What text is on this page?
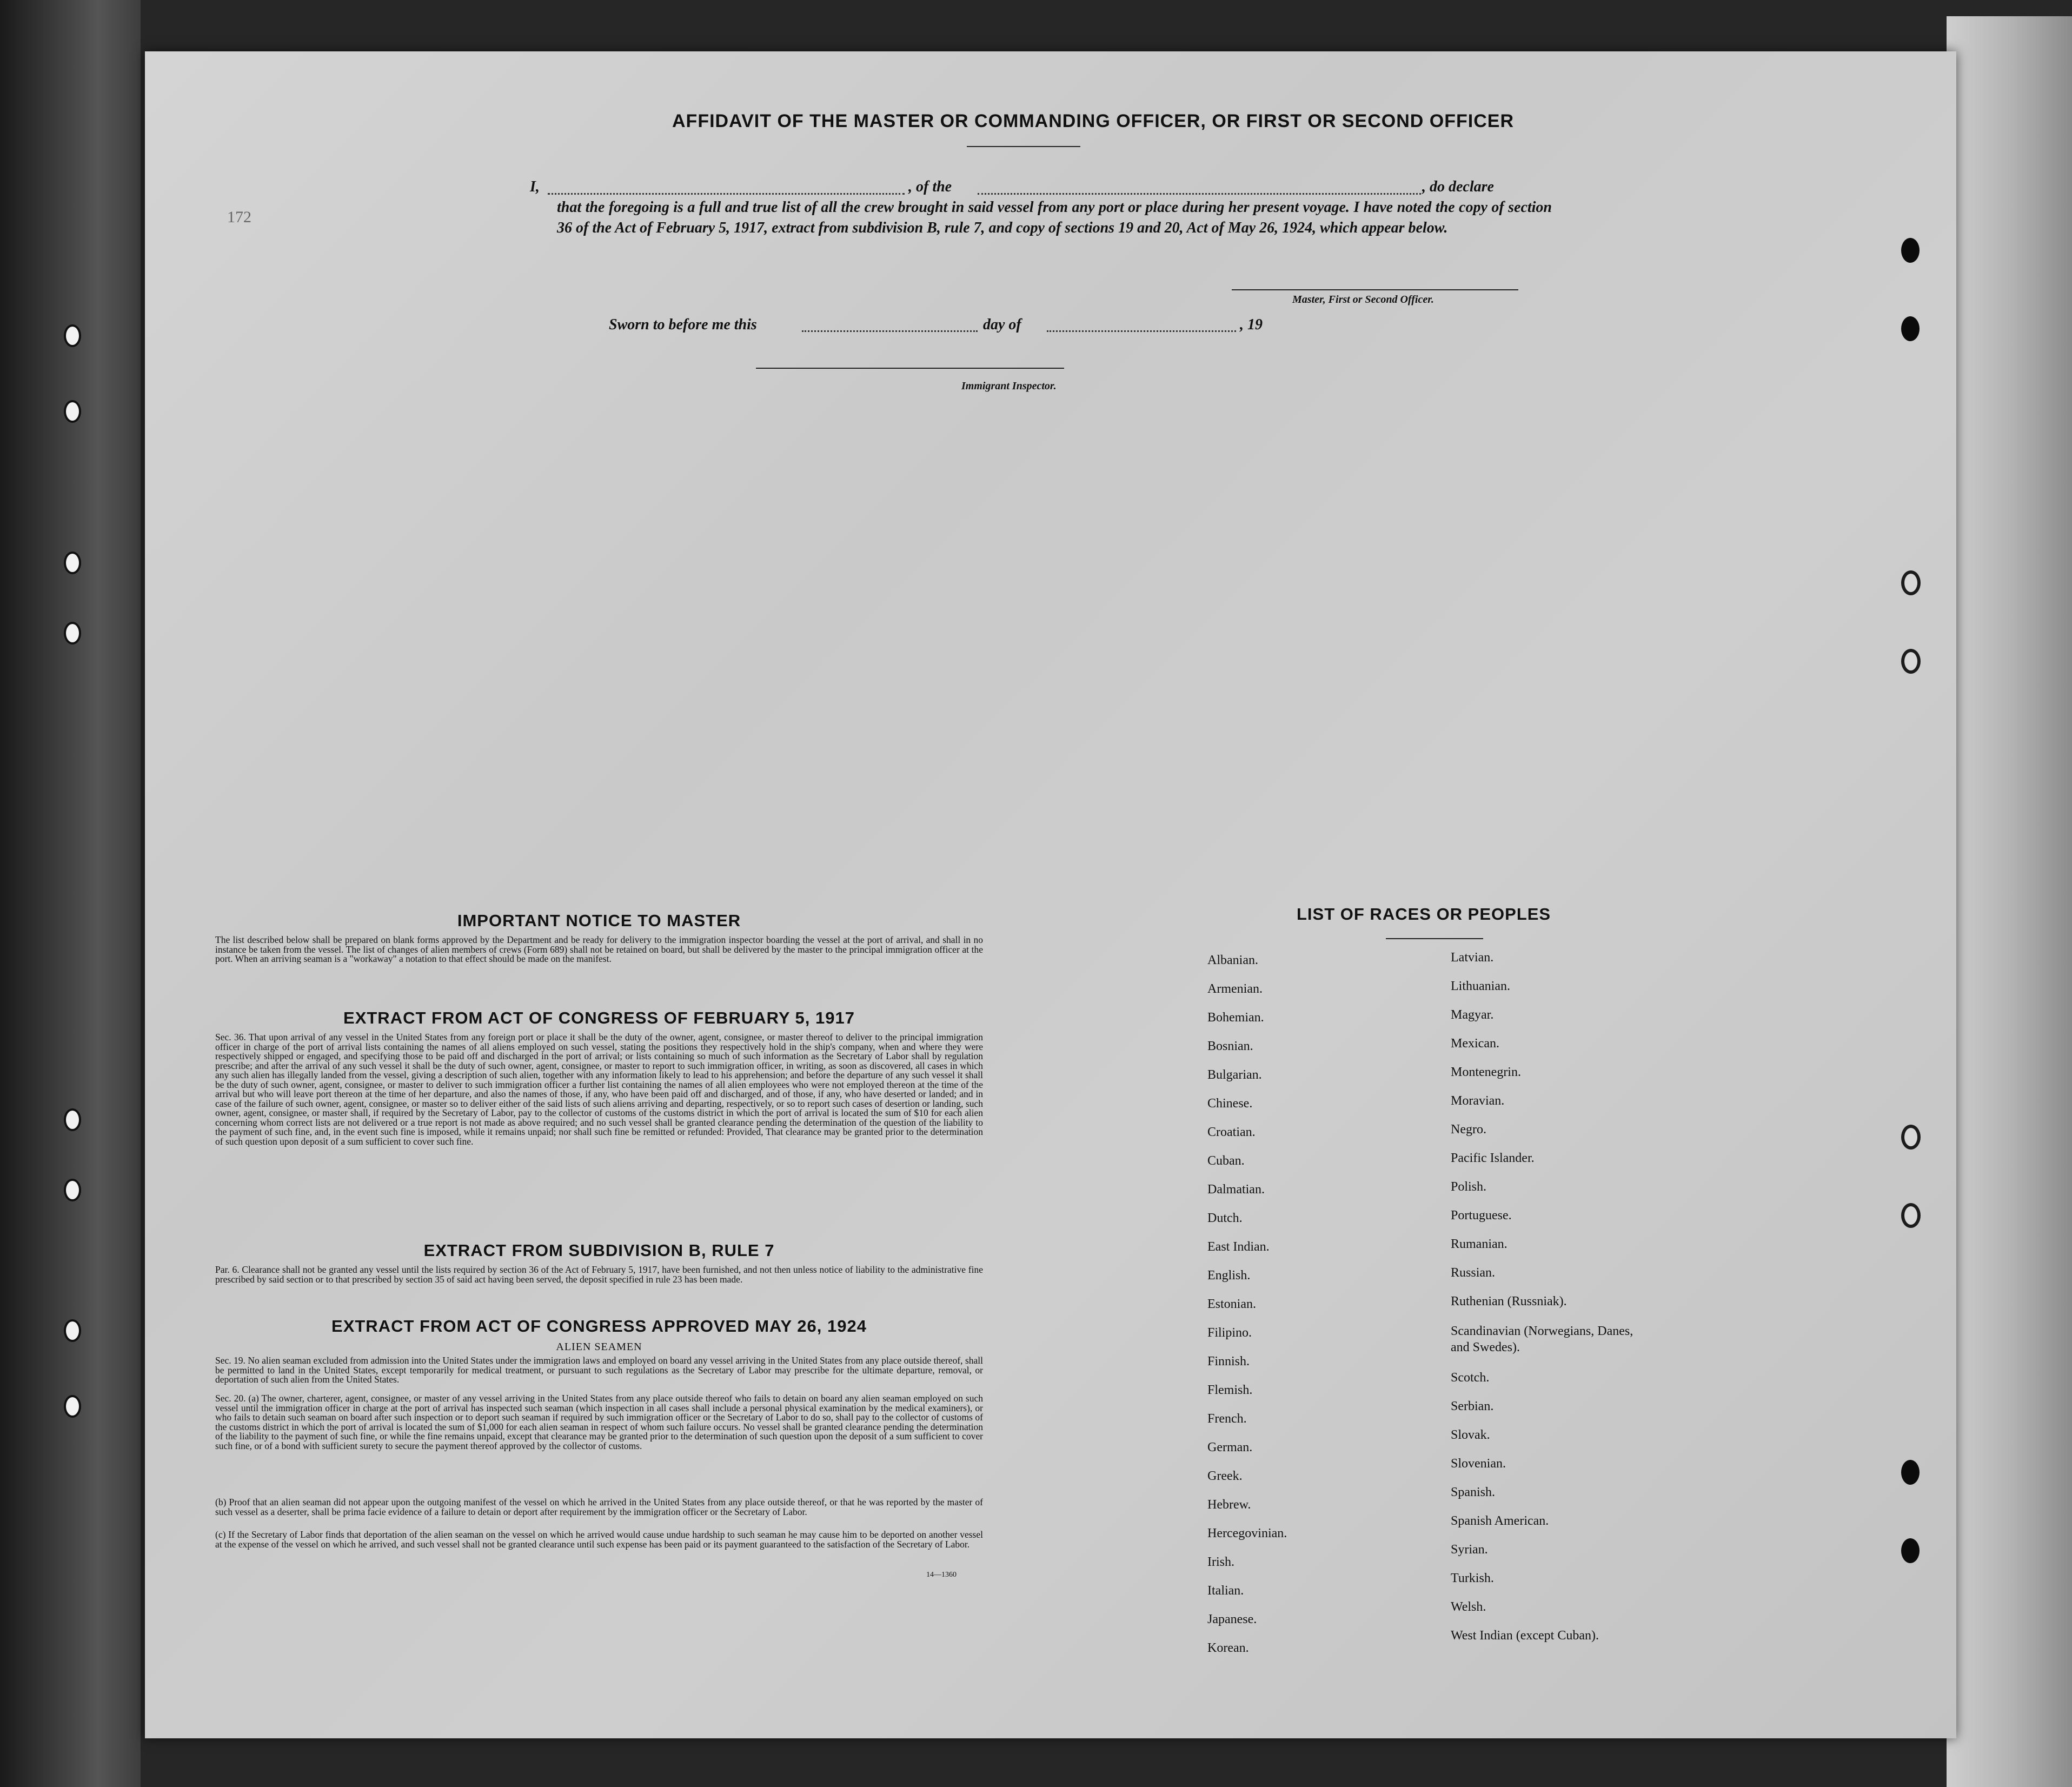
AFFIDAVIT OF THE MASTER OR COMMANDING OFFICER, OR FIRST OR SECOND OFFICER
172
I,	, of the	, do declare
that the foregoing is a full and true list of all the crew brought in said vessel from any port or place during her present voyage. I have noted the copy of section 36 of the Act of February 5, 1917, extract from subdivision B, rule 7, and copy of sections 19 and 20, Act of May 26, 1924, which appear below.
Master, First or Second Officer.
Sworn to before me this	day of	, 19
Immigrant Inspector.
IMPORTANT NOTICE TO MASTER
The list described below shall be prepared on blank forms approved by the Department and be ready for delivery to the immigration inspector boarding the vessel at the port of arrival, and shall in no instance be taken from the vessel. The list of changes of alien members of crews (Form 689) shall not be retained on board, but shall be delivered by the master to the principal immigration officer at the port. When an arriving seaman is a "workaway" a notation to that effect should be made on the manifest.
EXTRACT FROM ACT OF CONGRESS OF FEBRUARY 5, 1917
Sec. 36. That upon arrival of any vessel in the United States from any foreign port or place it shall be the duty of the owner, agent, consignee, or master thereof to deliver to the principal immigration officer in charge of the port of arrival lists containing the names of all aliens employed on such vessel, stating the positions they respectively hold in the ship's company, when and where they were respectively shipped or engaged, and specifying those to be paid off and discharged in the port of arrival; or lists containing so much of such information as the Secretary of Labor shall by regulation prescribe; and after the arrival of any such vessel it shall be the duty of such owner, agent, consignee, or master to report to such immigration officer, in writing, as soon as discovered, all cases in which any such alien has illegally landed from the vessel, giving a description of such alien, together with any information likely to lead to his apprehension; and before the departure of any such vessel it shall be the duty of such owner, agent, consignee, or master to deliver to such immigration officer a further list containing the names of all alien employees who were not employed thereon at the time of the arrival but who will leave port thereon at the time of her departure, and also the names of those, if any, who have been paid off and discharged, and of those, if any, who have deserted or landed; and in case of the failure of such owner, agent, consignee, or master so to deliver either of the said lists of such aliens arriving and departing, respectively, or so to report such cases of desertion or landing, such owner, agent, consignee, or master shall, if required by the Secretary of Labor, pay to the collector of customs of the customs district in which the port of arrival is located the sum of $10 for each alien concerning whom correct lists are not delivered or a true report is not made as above required; and no such vessel shall be granted clearance pending the determination of the question of the liability to the payment of such fine, and, in the event such fine is imposed, while it remains unpaid; nor shall such fine be remitted or refunded: Provided, That clearance may be granted prior to the determination of such question upon deposit of a sum sufficient to cover such fine.
EXTRACT FROM SUBDIVISION B, RULE 7
Par. 6. Clearance shall not be granted any vessel until the lists required by section 36 of the Act of February 5, 1917, have been furnished, and not then unless notice of liability to the administrative fine prescribed by said section or to that prescribed by section 35 of said act having been served, the deposit specified in rule 23 has been made.
EXTRACT FROM ACT OF CONGRESS APPROVED MAY 26, 1924
ALIEN SEAMEN
Sec. 19. No alien seaman excluded from admission into the United States under the immigration laws and employed on board any vessel arriving in the United States from any place outside thereof, shall be permitted to land in the United States, except temporarily for medical treatment, or pursuant to such regulations as the Secretary of Labor may prescribe for the ultimate departure, removal, or deportation of such alien from the United States.
Sec. 20. (a) The owner, charterer, agent, consignee, or master of any vessel arriving in the United States from any place outside thereof who fails to detain on board any alien seaman employed on such vessel until the immigration officer in charge at the port of arrival has inspected such seaman (which inspection in all cases shall include a personal physical examination by the medical examiners), or who fails to detain such seaman on board after such inspection or to deport such seaman if required by such immigration officer or the Secretary of Labor to do so, shall pay to the collector of customs of the customs district in which the port of arrival is located the sum of $1,000 for each alien seaman in respect of whom such failure occurs. No vessel shall be granted clearance pending the determination of the liability to the payment of such fine, or while the fine remains unpaid, except that clearance may be granted prior to the determination of such question upon the deposit of a sum sufficient to cover such fine, or of a bond with sufficient surety to secure the payment thereof approved by the collector of customs.
(b) Proof that an alien seaman did not appear upon the outgoing manifest of the vessel on which he arrived in the United States from any place outside thereof, or that he was reported by the master of such vessel as a deserter, shall be prima facie evidence of a failure to detain or deport after requirement by the immigration officer or the Secretary of Labor.
(c) If the Secretary of Labor finds that deportation of the alien seaman on the vessel on which he arrived would cause undue hardship to such seaman he may cause him to be deported on another vessel at the expense of the vessel on which he arrived, and such vessel shall not be granted clearance until such expense has been paid or its payment guaranteed to the satisfaction of the Secretary of Labor.
14—1360
LIST OF RACES OR PEOPLES
Albanian.
Armenian.
Bohemian.
Bosnian.
Bulgarian.
Chinese.
Croatian.
Cuban.
Dalmatian.
Dutch.
East Indian.
English.
Estonian.
Filipino.
Finnish.
Flemish.
French.
German.
Greek.
Hebrew.
Hercegovinian.
Irish.
Italian.
Japanese.
Korean.
Latvian.
Lithuanian.
Magyar.
Mexican.
Montenegrin.
Moravian.
Negro.
Pacific Islander.
Polish.
Portuguese.
Rumanian.
Russian.
Ruthenian (Russniak).
Scandinavian (Norwegians, Danes, and Swedes).
Scotch.
Serbian.
Slovak.
Slovenian.
Spanish.
Spanish American.
Syrian.
Turkish.
Welsh.
West Indian (except Cuban).
